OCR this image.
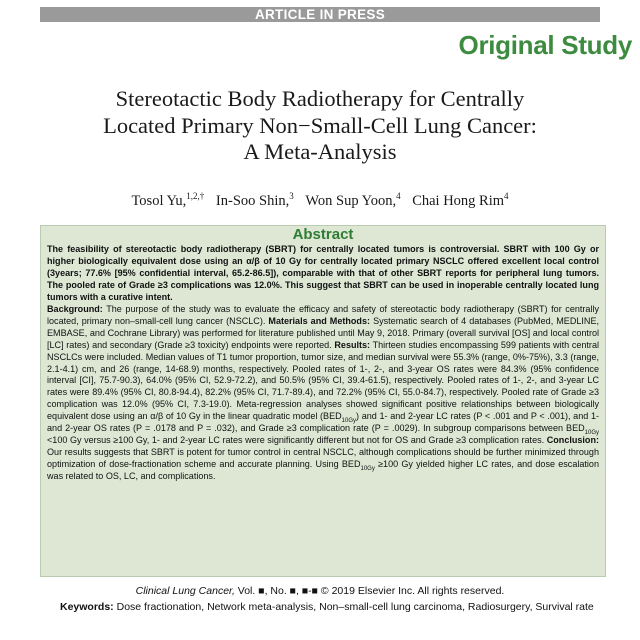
ARTICLE IN PRESS
Original Study
Stereotactic Body Radiotherapy for Centrally
Located Primary Non−Small-Cell Lung Cancer:
A Meta-Analysis
Tosol Yu,$^{1,2,\dagger}$ In-Soo Shin,$^3$ Won Sup Yoon,$^4$ Chai Hong Rim$^4$
Abstract

The feasibility of stereotactic body radiotherapy (SBRT) for centrally located tumors is controversial. SBRT with 100 Gy or higher biologically equivalent dose using an α/β of 10 Gy for centrally located primary NSCLC offered excellent local control (3years; 77.6% [95% confidential interval, 65.2-86.5]), comparable with that of other SBRT reports for peripheral lung tumors. The pooled rate of Grade ≥3 complications was 12.0%. This suggest that SBRT can be used in inoperable centrally located lung tumors with a curative intent.

Background: The purpose of the study was to evaluate the efficacy and safety of stereotactic body radiotherapy (SBRT) for centrally located, primary non–small-cell lung cancer (NSCLC). Materials and Methods: Systematic search of 4 databases (PubMed, MEDLINE, EMBASE, and Cochrane Library) was performed for literature published until May 9, 2018. Primary (overall survival [OS] and local control [LC] rates) and secondary (Grade ≥3 toxicity) endpoints were reported. Results: Thirteen studies encompassing 599 patients with central NSCLCs were included. Median values of T1 tumor proportion, tumor size, and median survival were 55.3% (range, 0%-75%), 3.3 (range, 2.1-4.1) cm, and 26 (range, 14-68.9) months, respectively. Pooled rates of 1-, 2-, and 3-year OS rates were 84.3% (95% confidence interval [CI], 75.7-90.3), 64.0% (95% CI, 52.9-72.2), and 50.5% (95% CI, 39.4-61.5), respectively. Pooled rates of 1-, 2-, and 3-year LC rates were 89.4% (95% CI, 80.8-94.4), 82.2% (95% CI, 71.7-89.4), and 72.2% (95% CI, 55.0-84.7), respectively. Pooled rate of Grade ≥3 complication was 12.0% (95% CI, 7.3-19.0). Meta-regression analyses showed significant positive relationships between biologically equivalent dose using an α/β of 10 Gy in the linear quadratic model $(BED_{10Gy})$ and 1- and 2-year LC rates (P < .001 and P < .001), and 1- and 2-year OS rates (P = .0178 and P = .032), and Grade ≥3 complication rate (P = .0029). In subgroup comparisons between $BED_{10Gy} <100$ Gy versus ≥100 Gy, 1- and 2-year LC rates were significantly different but not for OS and Grade ≥3 complication rates. Conclusion: Our results suggests that SBRT is potent for tumor control in central NSCLC, although complications should be further minimized through optimization of dose-fractionation scheme and accurate planning. Using $BED_{10Gy} \ge 100$ Gy yielded higher LC rates, and dose escalation was related to OS, LC, and complications.

Clinical Lung Cancer, Vol. ■, No. ■, ■-■ © 2019 Elsevier Inc. All rights reserved.
Keywords: Dose fractionation, Network meta-analysis, Non–small-cell lung carcinoma, Radiosurgery, Survival rate
